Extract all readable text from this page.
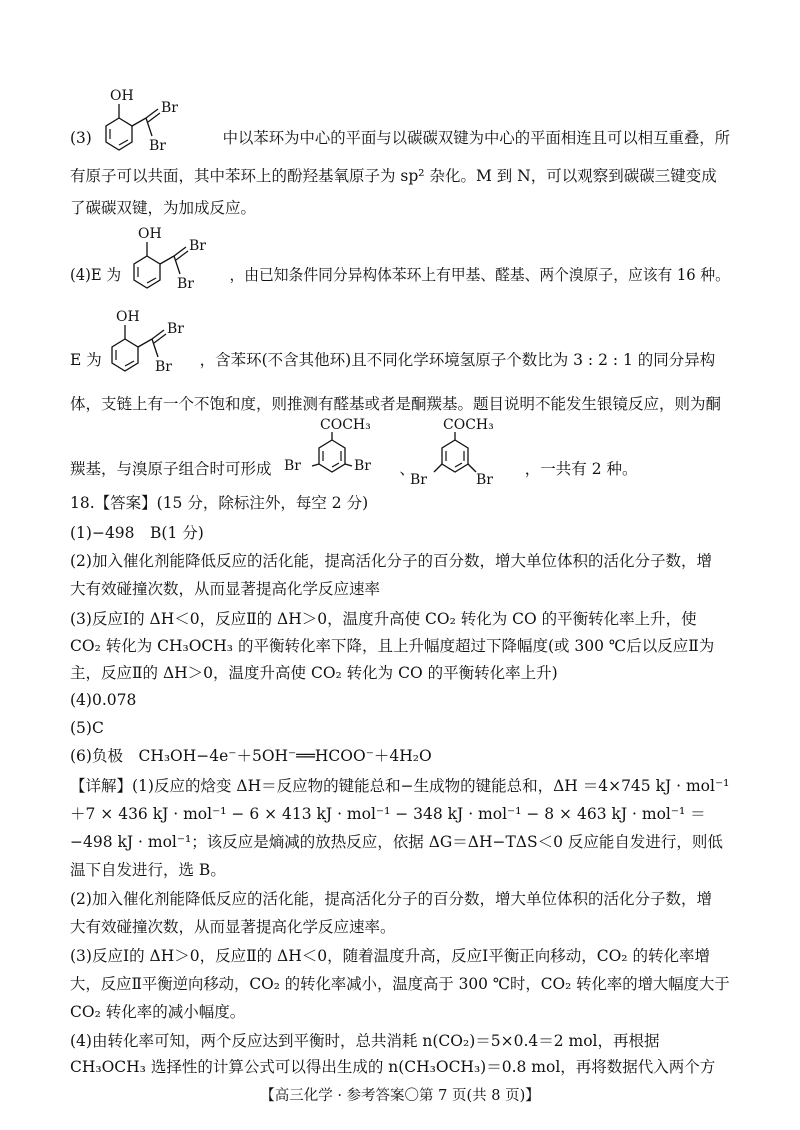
(3)	中以苯环为中心的平面与以碳碳双键为中心的平面相连且可以相互重叠，所
OH
Br
Br
有原子可以共面，其中苯环上的酚羟基氧原子为 sp² 杂化。M 到 N，可以观察到碳碳三键变成
了碳碳双键，为加成反应。
(4)E 为	，由已知条件同分异构体苯环上有甲基、醛基、两个溴原子，应该有 16 种。
OH
Br
Br
E 为	，含苯环(不含其他环)且不同化学环境氢原子个数比为 3 : 2 : 1 的同分异构
OH
Br
Br
体，支链上有一个不饱和度，则推测有醛基或者是酮羰基。题目说明不能发生银镜反应，则为酮
羰基，与溴原子组合时可形成	、	，一共有 2 种。
COCH₃
Br	Br
COCH₃
Br	Br
18.【答案】(15 分，除标注外，每空 2 分)
(1)−498　B(1 分)
(2)加入催化剂能降低反应的活化能，提高活化分子的百分数，增大单位体积的活化分子数，增
大有效碰撞次数，从而显著提高化学反应速率
(3)反应Ⅰ的 ΔH＜0，反应Ⅱ的 ΔH＞0，温度升高使 CO₂ 转化为 CO 的平衡转化率上升，使
CO₂ 转化为 CH₃OCH₃ 的平衡转化率下降，且上升幅度超过下降幅度(或 300 ℃后以反应Ⅱ为
主，反应Ⅱ的 ΔH＞0，温度升高使 CO₂ 转化为 CO 的平衡转化率上升)
(4)0.078
(5)C
(6)负极　CH₃OH−4e⁻＋5OH⁻══HCOO⁻＋4H₂O
【详解】(1)反应的焓变 ΔH＝反应物的键能总和−生成物的键能总和，ΔH ＝4×745 kJ · mol⁻¹
＋7 × 436 kJ · mol⁻¹ − 6 × 413 kJ · mol⁻¹ − 348 kJ · mol⁻¹ − 8 × 463 kJ · mol⁻¹ ＝
−498 kJ · mol⁻¹；该反应是熵减的放热反应，依据 ΔG＝ΔH−TΔS＜0 反应能自发进行，则低
温下自发进行，选 B。
(2)加入催化剂能降低反应的活化能，提高活化分子的百分数，增大单位体积的活化分子数，增
大有效碰撞次数，从而显著提高化学反应速率。
(3)反应Ⅰ的 ΔH＞0，反应Ⅱ的 ΔH＜0，随着温度升高，反应Ⅰ平衡正向移动，CO₂ 的转化率增
大，反应Ⅱ平衡逆向移动，CO₂ 的转化率减小，温度高于 300 ℃时，CO₂ 转化率的增大幅度大于
CO₂ 转化率的减小幅度。
(4)由转化率可知，两个反应达到平衡时，总共消耗 n(CO₂)＝5×0.4＝2 mol，再根据
CH₃OCH₃ 选择性的计算公式可以得出生成的 n(CH₃OCH₃)＝0.8 mol，再将数据代入两个方
【高三化学 · 参考答案〇第 7 页(共 8 页)】
